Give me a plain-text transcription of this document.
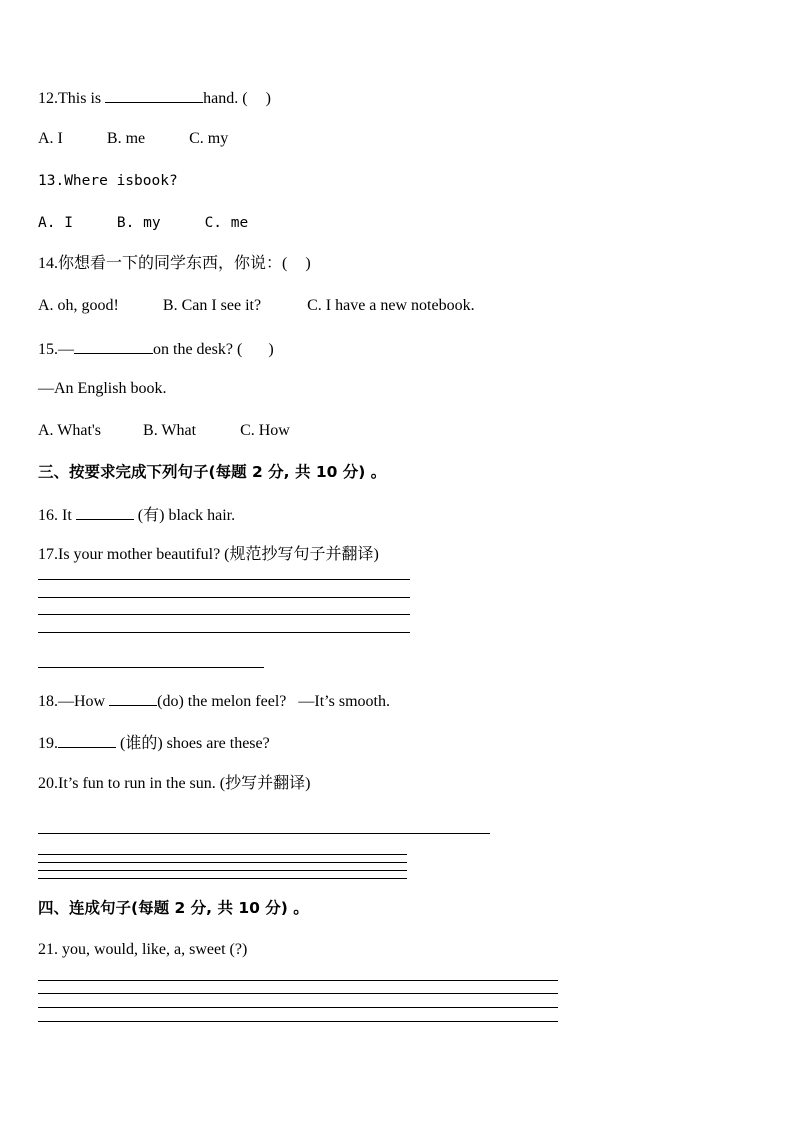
12.This is	hand. ( )
A. I	B. me	C. my
13.Where isbook?
A. I	B. my	C. me
14.你想看一下的同学东西，你说：( )
A. oh, good!	B. Can I see it?	C. I have a new notebook.
15.—	on the desk? ( )
—An English book.
A. What's	B. What	C. How
三、按要求完成下列句子(每题 2 分, 共 10 分) 。
16. It	(有) black hair.
17.Is your mother beautiful? (规范抄写句子并翻译)
18.—How	(do) the melon feel? —It’s smooth.
19.	(谁的) shoes are these?
20.It’s fun to run in the sun. (抄写并翻译)
四、连成句子(每题 2 分, 共 10 分) 。
21. you, would, like, a, sweet (?)
